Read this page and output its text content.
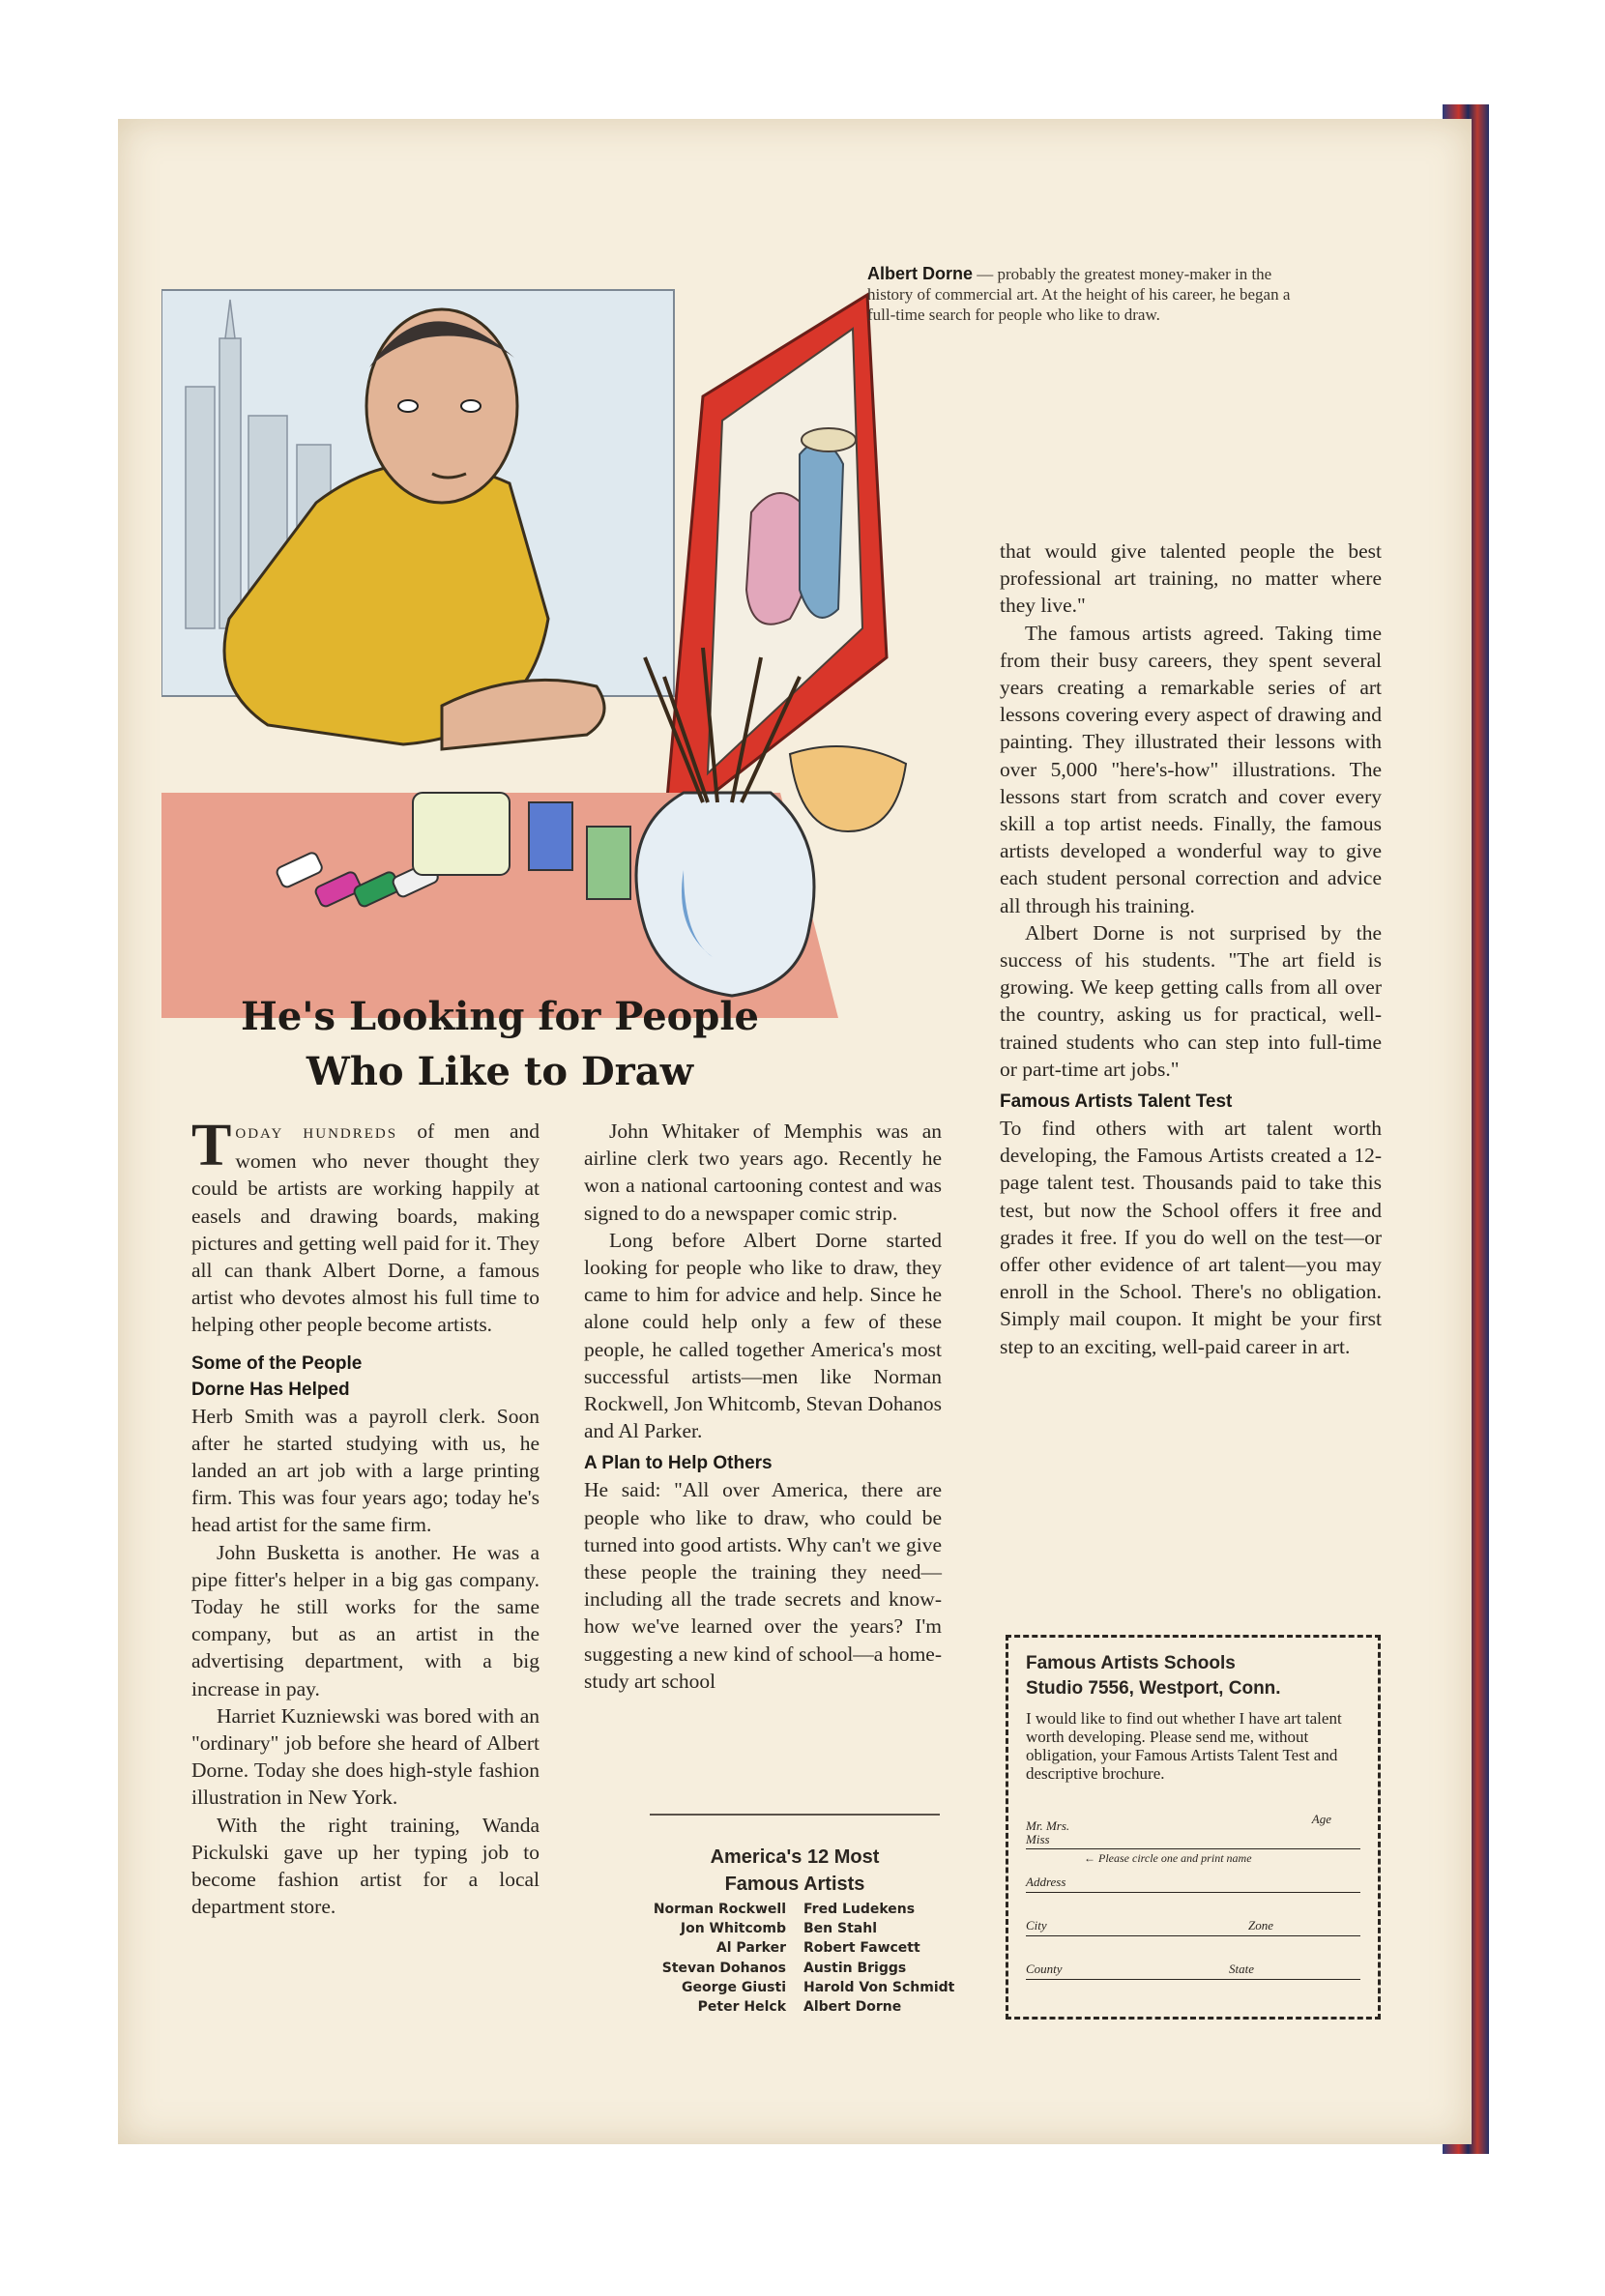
Albert Dorne — probably the greatest money-maker in the history of commercial art. At the height of his career, he began a full-time search for people who like to draw.
He's Looking for People
Who Like to Draw

TODAY HUNDREDS of men and women who never thought they could be artists are working happily at easels and drawing boards, making pictures and getting well paid for it. They all can thank Albert Dorne, a famous artist who devotes almost his full time to helping other people become artists.

Some of the People
Dorne Has Helped

Herb Smith was a payroll clerk. Soon after he started studying with us, he landed an art job with a large printing firm. This was four years ago; today he's head artist for the same firm.

John Busketta is another. He was a pipe fitter's helper in a big gas company. Today he still works for the same company, but as an artist in the advertising department, with a big increase in pay.

Harriet Kuzniewski was bored with an "ordinary" job before she heard of Albert Dorne. Today she does high-style fashion illustration in New York.

With the right training, Wanda Pickulski gave up her typing job to become fashion artist for a local department store.

John Whitaker of Memphis was an airline clerk two years ago. Recently he won a national cartooning contest and was signed to do a newspaper comic strip.

Long before Albert Dorne started looking for people who like to draw, they came to him for advice and help. Since he alone could help only a few of these people, he called together America's most successful artists—men like Norman Rockwell, Jon Whitcomb, Stevan Dohanos and Al Parker.

A Plan to Help Others

He said: "All over America, there are people who like to draw, who could be turned into good artists. Why can't we give these people the training they need—including all the trade secrets and know-how we've learned over the years? I'm suggesting a new kind of school—a home-study art school

America's 12 Most
Famous Artists
Norman Rockwell Fred Ludekens
Jon Whitcomb Ben Stahl
Al Parker Robert Fawcett
Stevan Dohanos Austin Briggs
George Giusti Harold Von Schmidt
Peter Helck Albert Dorne

that would give talented people the best professional art training, no matter where they live."

The famous artists agreed. Taking time from their busy careers, they spent several years creating a remarkable series of art lessons covering every aspect of drawing and painting. They illustrated their lessons with over 5,000 "here's-how" illustrations. The lessons start from scratch and cover every skill a top artist needs. Finally, the famous artists developed a wonderful way to give each student personal correction and advice all through his training.

Albert Dorne is not surprised by the success of his students. "The art field is growing. We keep getting calls from all over the country, asking us for practical, well-trained students who can step into full-time or part-time art jobs."

Famous Artists Talent Test

To find others with art talent worth developing, the Famous Artists created a 12-page talent test. Thousands paid to take this test, but now the School offers it free and grades it free. If you do well on the test—or offer other evidence of art talent—you may enroll in the School. There's no obligation. Simply mail coupon. It might be your first step to an exciting, well-paid career in art.

Famous Artists Schools
Studio 7556, Westport, Conn.
I would like to find out whether I have art talent worth developing. Please send me, without obligation, your Famous Artists Talent Test and descriptive brochure.
Mr. Mrs. Miss
Age
← Please circle one and print name
Address
City	Zone
County	State
